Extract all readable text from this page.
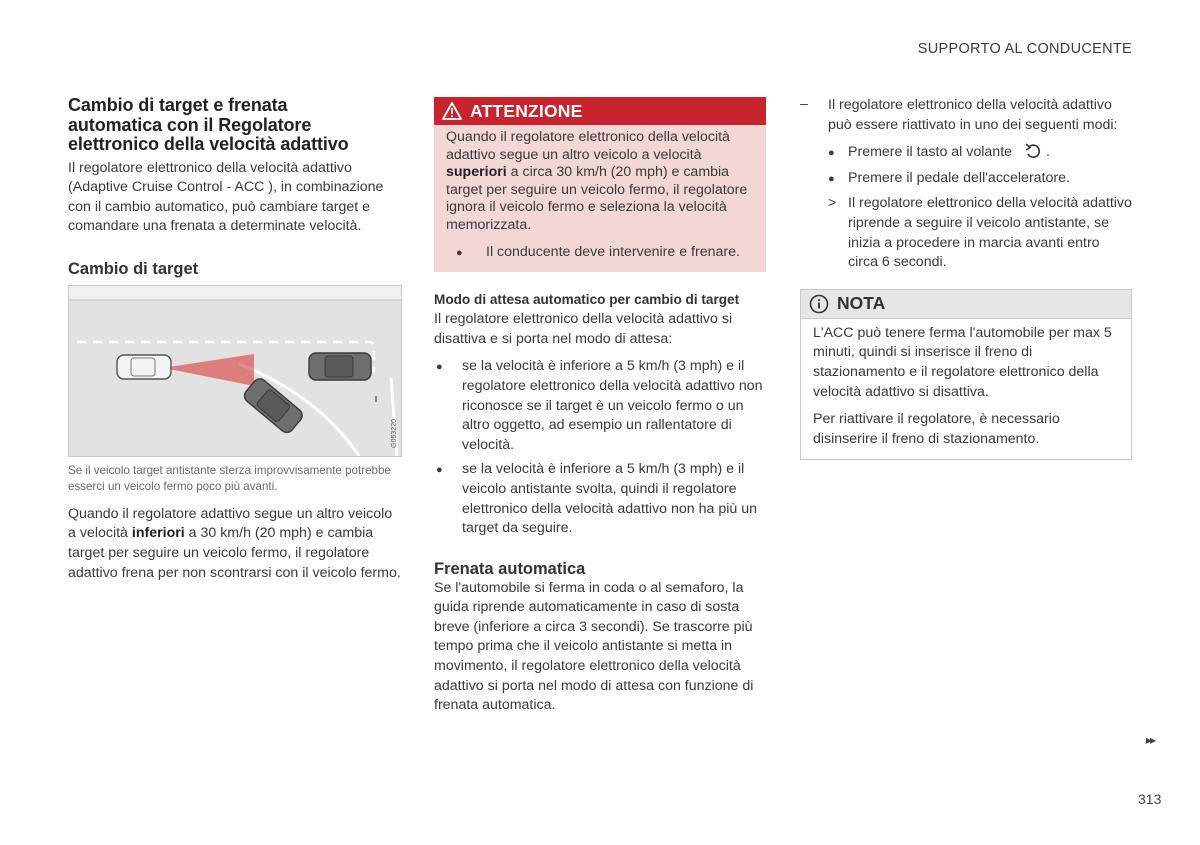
SUPPORTO AL CONDUCENTE
Cambio di target e frenata
automatica con il Regolatore
elettronico della velocità adattivo

Il regolatore elettronico della velocità adattivo (Adaptive Cruise Control - ACC ), in combinazione con il cambio automatico, può cambiare target e comandare una frenata a determinate velocità.

Cambio di target
G053220

Se il veicolo target antistante sterza improvvisamente potrebbe esserci un veicolo fermo poco più avanti.

Quando il regolatore adattivo segue un altro veicolo a velocità inferiori a 30 km/h (20 mph) e cambia target per seguire un veicolo fermo, il regolatore adattivo frena per non scontrarsi con il veicolo fermo.

ATTENZIONE

Quando il regolatore elettronico della velocità adattivo segue un altro veicolo a velocità superiori a circa 30 km/h (20 mph) e cambia target per seguire un veicolo fermo, il regolatore ignora il veicolo fermo e seleziona la velocità memorizzata.

● Il conducente deve intervenire e frenare.
Modo di attesa automatico per cambio di target

Il regolatore elettronico della velocità adattivo si disattiva e si porta nel modo di attesa:

● se la velocità è inferiore a 5 km/h (3 mph) e il regolatore elettronico della velocità adattivo non riconosce se il target è un veicolo fermo o un altro oggetto, ad esempio un rallentatore di velocità.
● se la velocità è inferiore a 5 km/h (3 mph) e il veicolo antistante svolta, quindi il regolatore elettronico della velocità adattivo non ha più un target da seguire.
Frenata automatica

Se l'automobile si ferma in coda o al semaforo, la guida riprende automaticamente in caso di sosta breve (inferiore a circa 3 secondi). Se trascorre più tempo prima che il veicolo antistante si metta in movimento, il regolatore elettronico della velocità adattivo si porta nel modo di attesa con funzione di frenata automatica.

– Il regolatore elettronico della velocità adattivo può essere riattivato in uno dei seguenti modi:
● Premere il tasto al volante .
● Premere il pedale dell'acceleratore.
> Il regolatore elettronico della velocità adattivo riprende a seguire il veicolo antistante, se inizia a procedere in marcia avanti entro circa 6 secondi.
NOTA

L'ACC può tenere ferma l'automobile per max 5 minuti, quindi si inserisce il freno di stazionamento e il regolatore elettronico della velocità adattivo si disattiva.

Per riattivare il regolatore, è necessario disinserire il freno di stazionamento.

▸▸
313
